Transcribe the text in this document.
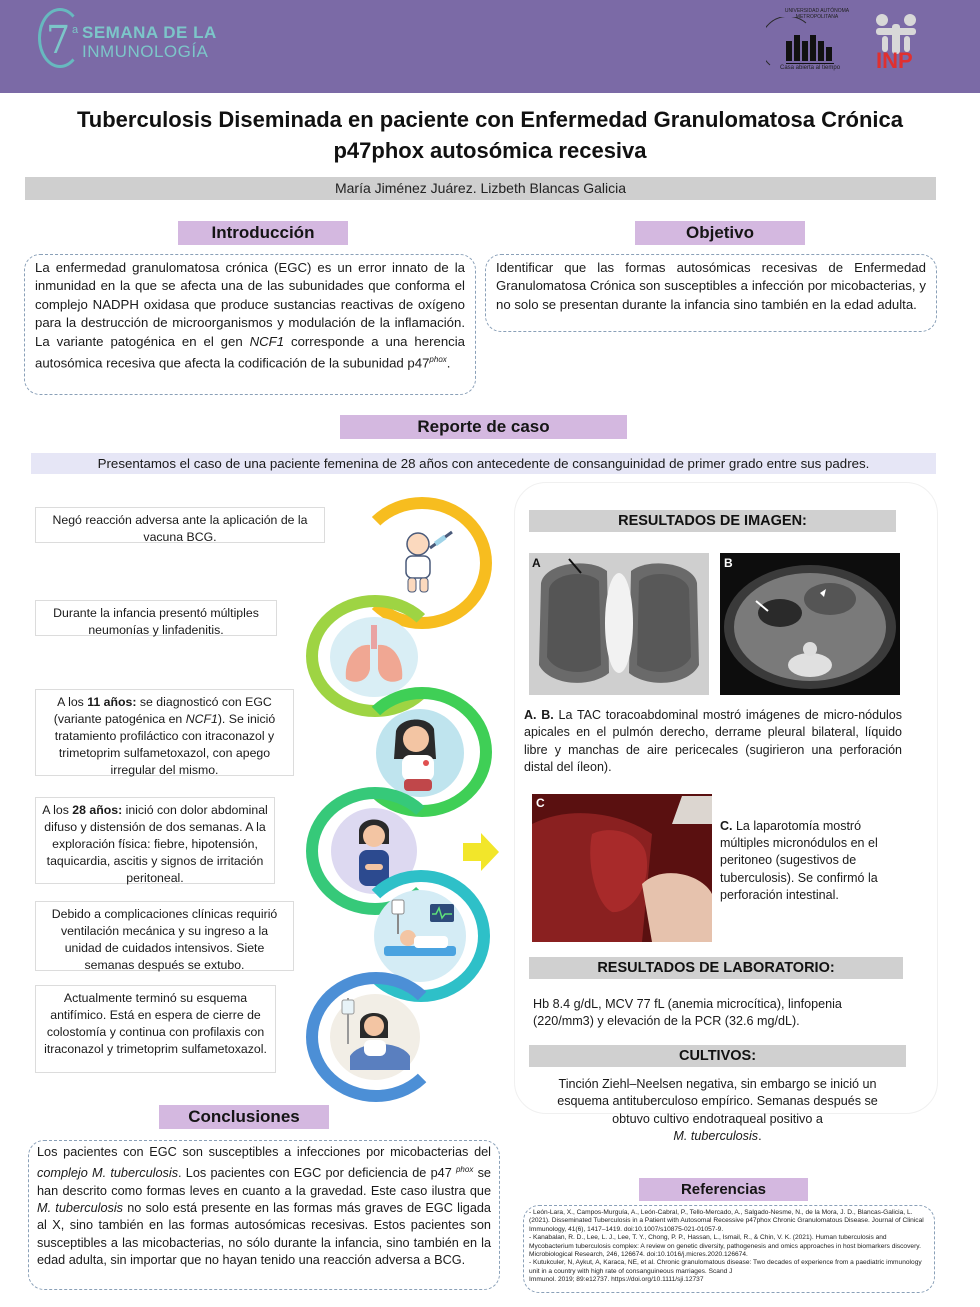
7 a SEMANA DE LA
INMUNOLOGÍA
Casa abierta al tiempo
UNIVERSIDAD AUTÓNOMA METROPOLITANA
INP
Tuberculosis Diseminada en paciente con Enfermedad Granulomatosa Crónica p47phox autosómica recesiva
María Jiménez Juárez. Lizbeth Blancas Galicia
Introducción
La enfermedad granulomatosa crónica (EGC) es un error innato de la inmunidad en la que se afecta una de las subunidades que conforma el complejo NADPH oxidasa que produce sustancias reactivas de oxígeno para la destrucción de microorganismos y modulación de la inflamación. La variante patogénica en el gen NCF1 corresponde a una herencia autosómica recesiva que afecta la codificación de la subunidad $p47^{phox}$.
Objetivo
Identificar que las formas autosómicas recesivas de Enfermedad Granulomatosa Crónica son susceptibles a infección por micobacterias, y no solo se presentan durante la infancia sino también en la edad adulta.
Reporte de caso
Presentamos el caso de una paciente femenina de 28 años con antecedente de consanguinidad de primer grado entre sus padres.
Negó reacción adversa ante la aplicación de la vacuna BCG.
Durante la infancia presentó múltiples neumonías y linfadenitis.
A los 11 años: se diagnosticó con EGC (variante patogénica en NCF1). Se inició tratamiento profiláctico con itraconazol y trimetoprim sulfametoxazol, con apego irregular del mismo.
A los 28 años: inició con dolor abdominal difuso y distensión de dos semanas. A la exploración física: fiebre, hipotensión, taquicardia, ascitis y signos de irritación peritoneal.
Debido a complicaciones clínicas requirió ventilación mecánica y su ingreso a la unidad de cuidados intensivos. Siete semanas después se extubo.
Actualmente terminó su esquema antifímico. Está en espera de cierre de colostomía y continua con profilaxis con itraconazol y trimetoprim sulfametoxazol.
RESULTADOS DE IMAGEN:
A	B
A. B. La TAC toracoabdominal mostró imágenes de micro-nódulos apicales en el pulmón derecho, derrame pleural bilateral, líquido libre y manchas de aire pericecales (sugirieron una perforación distal del íleon).
C
C. La laparotomía mostró múltiples micronódulos en el peritoneo (sugestivos de tuberculosis). Se confirmó la perforación intestinal.
RESULTADOS DE LABORATORIO:
Hb 8.4 g/dL, MCV 77 fL (anemia microcítica), linfopenia (220/mm3) y elevación de la PCR (32.6 mg/dL).
CULTIVOS:
Tinción Ziehl–Neelsen negativa, sin embargo se inició un esquema antituberculoso empírico. Semanas después se obtuvo cultivo endotraqueal positivo a
M. tuberculosis.
Conclusiones
Los pacientes con EGC son susceptibles a infecciones por micobacterias del complejo M. tuberculosis. Los pacientes con EGC por deficiencia de p47 $^{phox}$ se han descrito como formas leves en cuanto a la gravedad. Este caso ilustra que M. tuberculosis no solo está presente en las formas más graves de EGC ligada al X, sino también en las formas autosómicas recesivas. Estos pacientes son susceptibles a las micobacterias, no sólo durante la infancia, sino también en la edad adulta, sin importar que no hayan tenido una reacción adversa a BCG.
Referencias
- León-Lara, X., Campos-Murguía, A., León-Cabral, P., Tello-Mercado, A., Salgado-Nesme, N., de la Mora, J. D., Blancas-Galicia, L. (2021). Disseminated Tuberculosis in a Patient with Autosomal Recessive p47phox Chronic Granulomatous Disease. Journal of Clinical Immunology, 41(6), 1417–1419. doi:10.1007/s10875-021-01057-9.
- Kanabalan, R. D., Lee, L. J., Lee, T. Y., Chong, P. P., Hassan, L., Ismail, R., & Chin, V. K. (2021). Human tuberculosis and Mycobacterium tuberculosis complex: A review on genetic diversity, pathogenesis and omics approaches in host biomarkers discovery. Microbiological Research, 246, 126674. doi:10.1016/j.micres.2020.126674.
- Kutukculer, N, Aykut, A, Karaca, NE, et al. Chronic granulomatous disease: Two decades of experience from a paediatric immunology unit in a country with high rate of consanguineous marriages. Scand J
Immunol. 2019; 89:e12737. https://doi.org/10.1111/sji.12737
